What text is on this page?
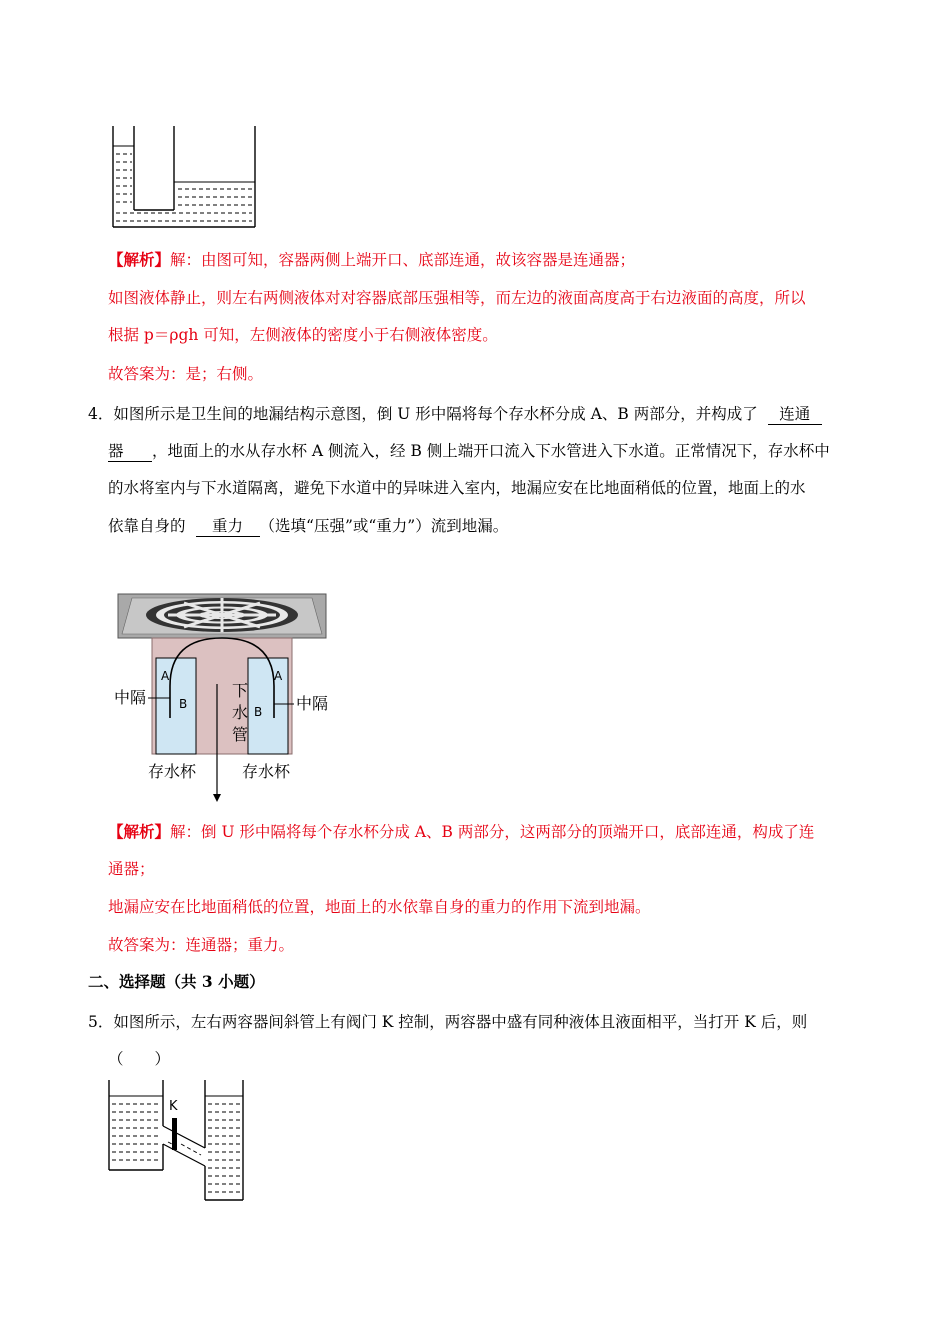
【解析】解：由图可知，容器两侧上端开口、底部连通，故该容器是连通器；
如图液体静止，则左右两侧液体对对容器底部压强相等，而左边的液面高度高于右边液面的高度，所以
根据 p＝ρgh 可知，左侧液体的密度小于右侧液体密度。
故答案为：是；右侧。
4．如图所示是卫生间的地漏结构示意图，倒 U 形中隔将每个存水杯分成 A、B 两部分，并构成了 连通
器 ，地面上的水从存水杯 A 侧流入，经 B 侧上端开口流入下水管进入下水道。正常情况下，存水杯中
的水将室内与下水道隔离，避免下水道中的异味进入室内，地漏应安在比地面稍低的位置，地面上的水
依靠自身的 重力 （选填“压强”或“重力”）流到地漏。
中隔	中隔
A
B
A
B
下
水
管
存水杯	存水杯
【解析】解：倒 U 形中隔将每个存水杯分成 A、B 两部分，这两部分的顶端开口，底部连通，构成了连
通器；
地漏应安在比地面稍低的位置，地面上的水依靠自身的重力的作用下流到地漏。
故答案为：连通器；重力。
二、选择题（共 3 小题）
5．如图所示，左右两容器间斜管上有阀门 K 控制，两容器中盛有同种液体且液面相平，当打开 K 后，则
（　　）
K
